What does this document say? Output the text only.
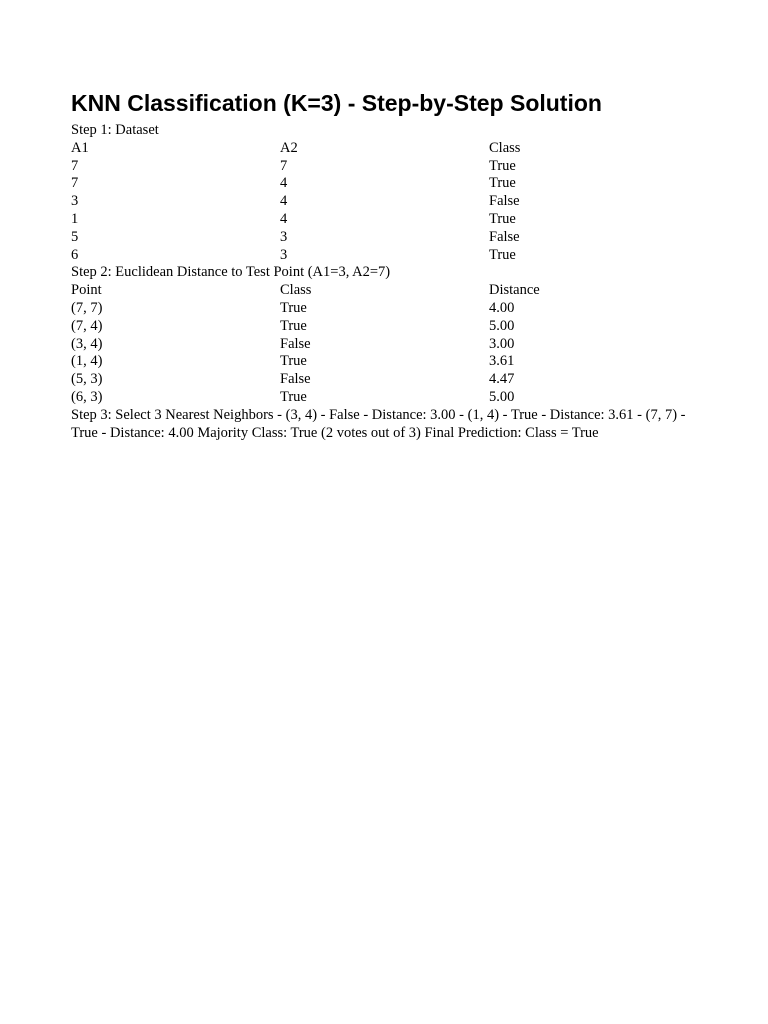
KNN Classification (K=3) - Step-by-Step Solution
Step 1: Dataset
A1	A2	Class
7	7	True
7	4	True
3	4	False
1	4	True
5	3	False
6	3	True
Step 2: Euclidean Distance to Test Point (A1=3, A2=7)
Point	Class	Distance
(7, 7)	True	4.00
(7, 4)	True	5.00
(3, 4)	False	3.00
(1, 4)	True	3.61
(5, 3)	False	4.47
(6, 3)	True	5.00
Step 3: Select 3 Nearest Neighbors - (3, 4) - False - Distance: 3.00 - (1, 4) - True - Distance: 3.61 - (7, 7) - True - Distance: 4.00 Majority Class: True (2 votes out of 3) Final Prediction: Class = True
